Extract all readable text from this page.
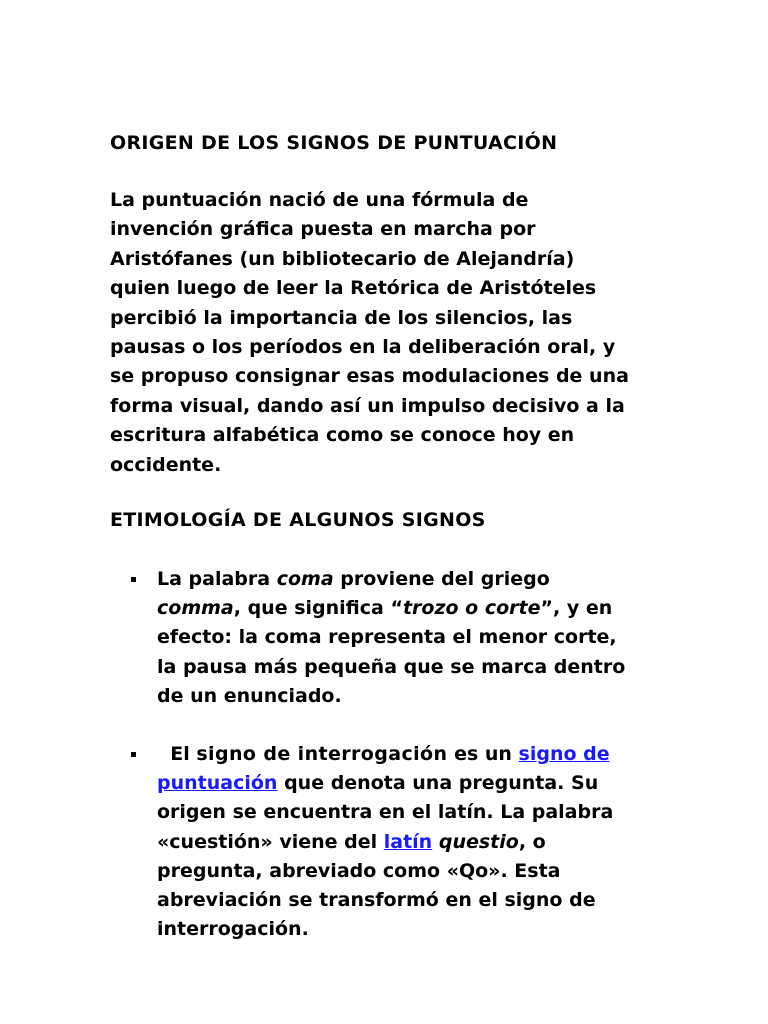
ORIGEN DE LOS SIGNOS DE PUNTUACIÓN

La puntuación nació de una fórmula de
invención gráfica puesta en marcha por
Aristófanes (un bibliotecario de Alejandría)
quien luego de leer la Retórica de Aristóteles
percibió la importancia de los silencios, las
pausas o los períodos en la deliberación oral, y
se propuso consignar esas modulaciones de una
forma visual, dando así un impulso decisivo a la
escritura alfabética como se conoce hoy en
occidente.

ETIMOLOGÍA DE ALGUNOS SIGNOS
La palabra coma proviene del griego
comma, que significa “trozo o corte”, y en
efecto: la coma representa el menor corte,
la pausa más pequeña que se marca dentro
de un enunciado.
El signo de interrogación es un signo de
puntuación que denota una pregunta. Su
origen se encuentra en el latín. La palabra
«cuestión» viene del latín questio, o
pregunta, abreviado como «Qo». Esta
abreviación se transformó en el signo de
interrogación.
